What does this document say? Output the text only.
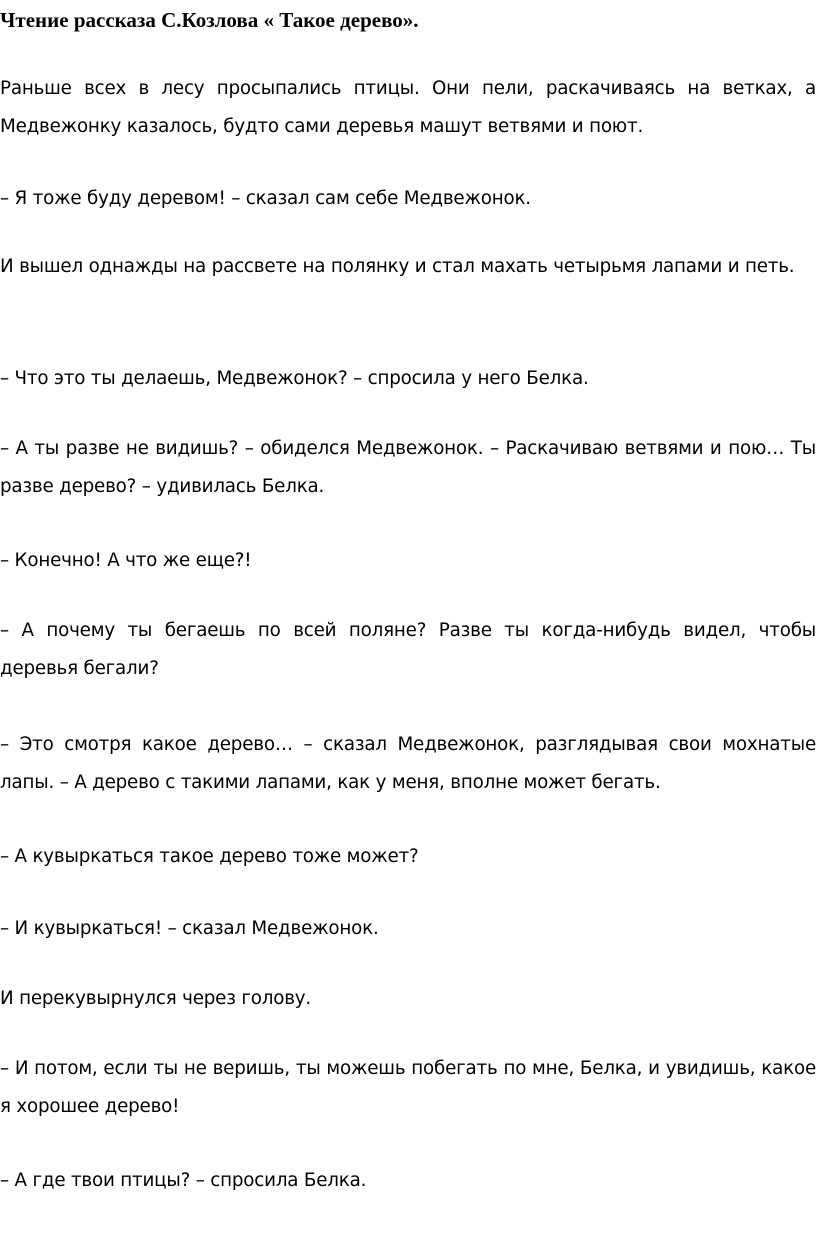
Чтение рассказа С.Козлова « Такое дерево».

Раньше всех в лесу просыпались птицы. Они пели, раскачиваясь на ветках, а Медвежонку казалось, будто сами деревья машут ветвями и поют.

– Я тоже буду деревом! – сказал сам себе Медвежонок.

И вышел однажды на рассвете на полянку и стал махать четырьмя лапами и петь.

– Что это ты делаешь, Медвежонок? – спросила у него Белка.

– А ты разве не видишь? – обиделся Медвежонок. – Раскачиваю ветвями и пою… Ты разве дерево? – удивилась Белка.

– Конечно! А что же еще?!

– А почему ты бегаешь по всей поляне? Разве ты когда-нибудь видел, чтобы деревья бегали?

– Это смотря какое дерево… – сказал Медвежонок, разглядывая свои мохнатые лапы. – А дерево с такими лапами, как у меня, вполне может бегать.

– А кувыркаться такое дерево тоже может?

– И кувыркаться! – сказал Медвежонок.

И перекувырнулся через голову.

– И потом, если ты не веришь, ты можешь побегать по мне, Белка, и увидишь, какое я хорошее дерево!

– А где твои птицы? – спросила Белка.
